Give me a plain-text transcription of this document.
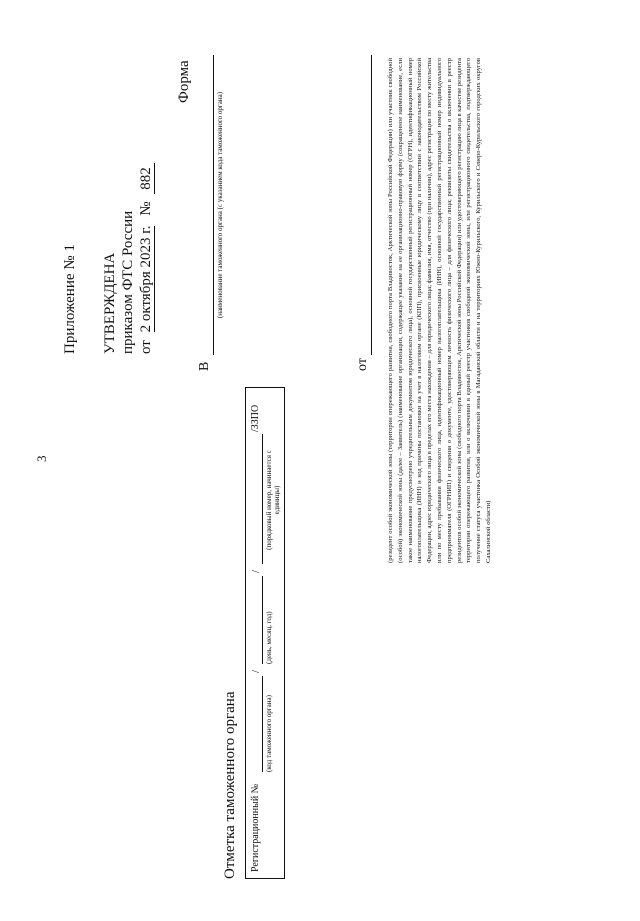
3
Приложение № 1 УТВЕРЖДЕНА приказом ФТС России от 2 октября 2023 г. № 882
Форма
В
(наименование таможенного органа (с указанием кода таможенного органа)
от	(резидент особой экономической зоны (территории опережающего развития, свободного порта Владивосток, Арктической зоны Российской Федерации) или участник свободной (особой) экономической зоны (далее – Заявитель) (наименование организации, содержащее указание на ее организационно-правовую форму (сокращенное наименование, если такое наименование предусмотрено учредительным документом юридического лица), основной государственный регистрационный номер (ОГРН), идентификационный номер налогоплательщика (ИНН) и код причины постановки на учет в налоговом органе (КПП), присвоенные юридическому лицу в соответствии с законодательством Российской Федерации, адрес юридического лица в пределах его места нахождения – для юридического лица; фамилия, имя, отчество (при наличии), адрес регистрации по месту жительства или по месту пребывания физического лица, идентификационный номер налогоплательщика (ИНН), основной государственный регистрационный номер индивидуального предпринимателя (ОГРНИП) и сведения о документе, удостоверяющем личность физического лица – для физического лица; реквизиты свидетельства о включении в реестр резидентов особой экономической зоны (свободного порта Владивосток, Арктической зоны Российской Федерации) или удостоверяющего регистрацию лица в качестве резидента территории опережающего развития, или о включении в единый реестр участников свободной экономической зоны, или регистрационного свидетельства, подтверждающего получение статуса участника Особой экономической зоны в Магаданской области и на территориях Южно-Курильского, Курильского и Северо-Курильского городских округов Сахалинской области)
Отметка таможенного органа Регистрационный №
/
/
/ЗЗПО
(код таможенного органа)
(день, месяц, год)
(порядковый номер, начинается с единицы)
